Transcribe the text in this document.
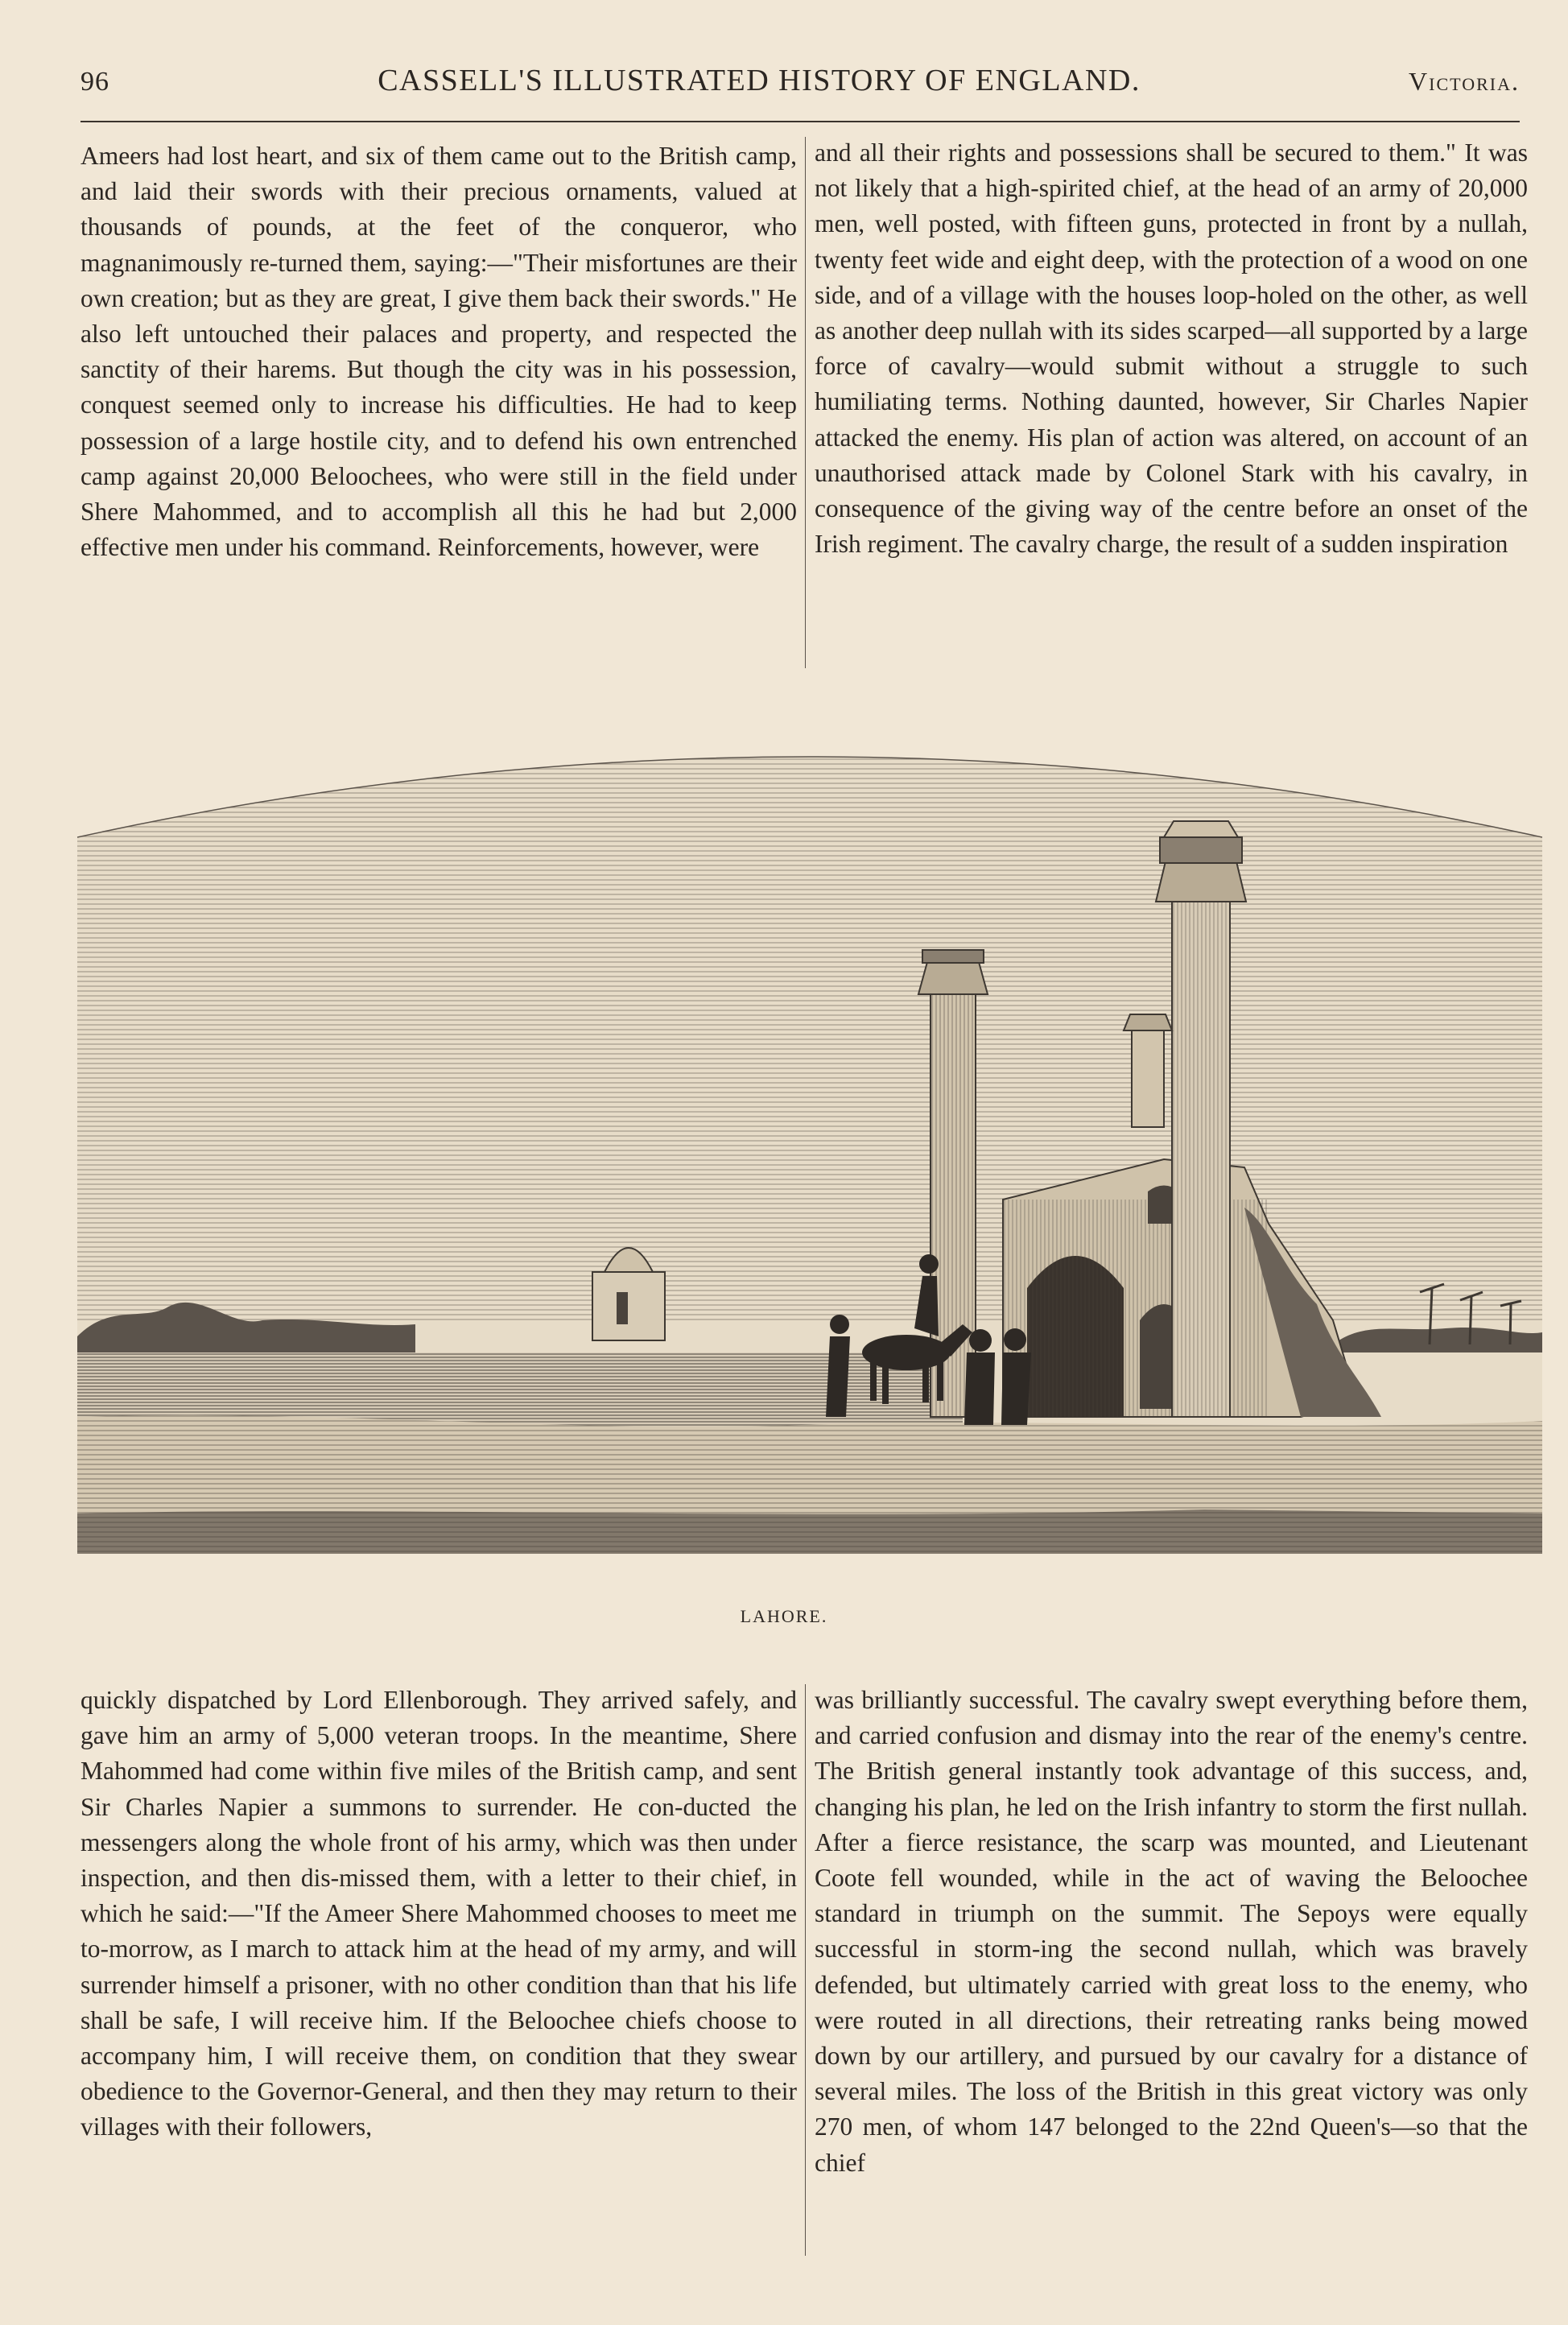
96	CASSELL'S ILLUSTRATED HISTORY OF ENGLAND.	Victoria.

Ameers had lost heart, and six of them came out to the British camp, and laid their swords with their precious ornaments, valued at thousands of pounds, at the feet of the conqueror, who magnanimously re-turned them, saying:—"Their misfortunes are their own creation; but as they are great, I give them back their swords." He also left untouched their palaces and property, and respected the sanctity of their harems. But though the city was in his possession, conquest seemed only to increase his difficulties. He had to keep possession of a large hostile city, and to defend his own entrenched camp against 20,000 Beloochees, who were still in the field under Shere Mahommed, and to accomplish all this he had but 2,000 effective men under his command. Reinforcements, however, were

and all their rights and possessions shall be secured to them." It was not likely that a high-spirited chief, at the head of an army of 20,000 men, well posted, with fifteen guns, protected in front by a nullah, twenty feet wide and eight deep, with the protection of a wood on one side, and of a village with the houses loop-holed on the other, as well as another deep nullah with its sides scarped—all supported by a large force of cavalry—would submit without a struggle to such humiliating terms. Nothing daunted, however, Sir Charles Napier attacked the enemy. His plan of action was altered, on account of an unauthorised attack made by Colonel Stark with his cavalry, in consequence of the giving way of the centre before an onset of the Irish regiment. The cavalry charge, the result of a sudden inspiration

LAHORE.

quickly dispatched by Lord Ellenborough. They arrived safely, and gave him an army of 5,000 veteran troops. In the meantime, Shere Mahommed had come within five miles of the British camp, and sent Sir Charles Napier a summons to surrender. He con-ducted the messengers along the whole front of his army, which was then under inspection, and then dis-missed them, with a letter to their chief, in which he said:—"If the Ameer Shere Mahommed chooses to meet me to-morrow, as I march to attack him at the head of my army, and will surrender himself a prisoner, with no other condition than that his life shall be safe, I will receive him. If the Beloochee chiefs choose to accompany him, I will receive them, on condition that they swear obedience to the Governor-General, and then they may return to their villages with their followers,

was brilliantly successful. The cavalry swept everything before them, and carried confusion and dismay into the rear of the enemy's centre. The British general instantly took advantage of this success, and, changing his plan, he led on the Irish infantry to storm the first nullah. After a fierce resistance, the scarp was mounted, and Lieutenant Coote fell wounded, while in the act of waving the Beloochee standard in triumph on the summit. The Sepoys were equally successful in storm-ing the second nullah, which was bravely defended, but ultimately carried with great loss to the enemy, who were routed in all directions, their retreating ranks being mowed down by our artillery, and pursued by our cavalry for a distance of several miles. The loss of the British in this great victory was only 270 men, of whom 147 belonged to the 22nd Queen's—so that the chief
